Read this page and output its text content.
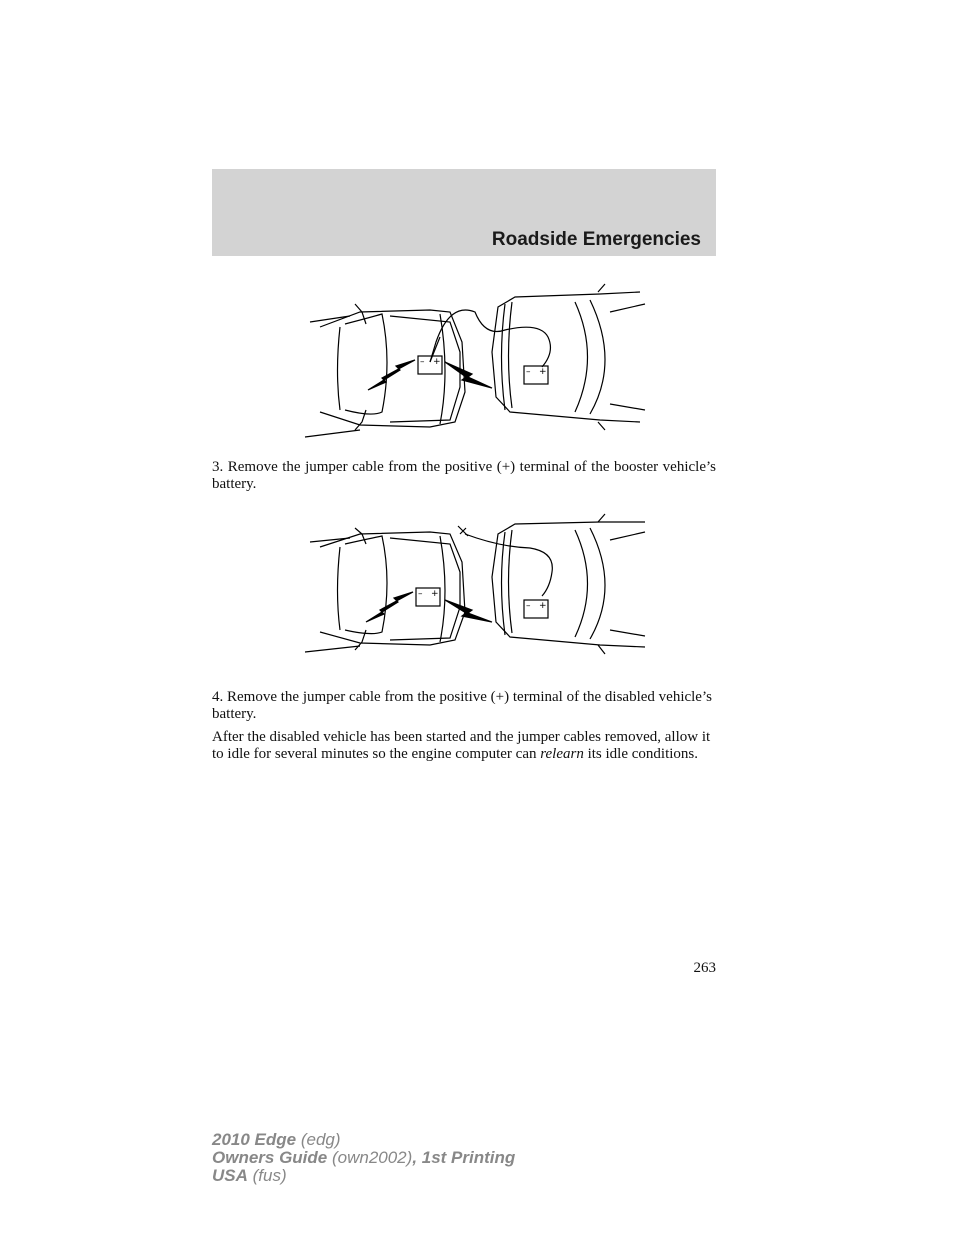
Roadside Emergencies
– +
– +

3. Remove the jumper cable from the positive (+) terminal of the booster vehicle’s battery.

– +
– +

4. Remove the jumper cable from the positive (+) terminal of the disabled vehicle’s battery.

After the disabled vehicle has been started and the jumper cables removed, allow it to idle for several minutes so the engine computer can relearn its idle conditions.

263
2010 Edge (edg)
Owners Guide (own2002), 1st Printing
USA (fus)
